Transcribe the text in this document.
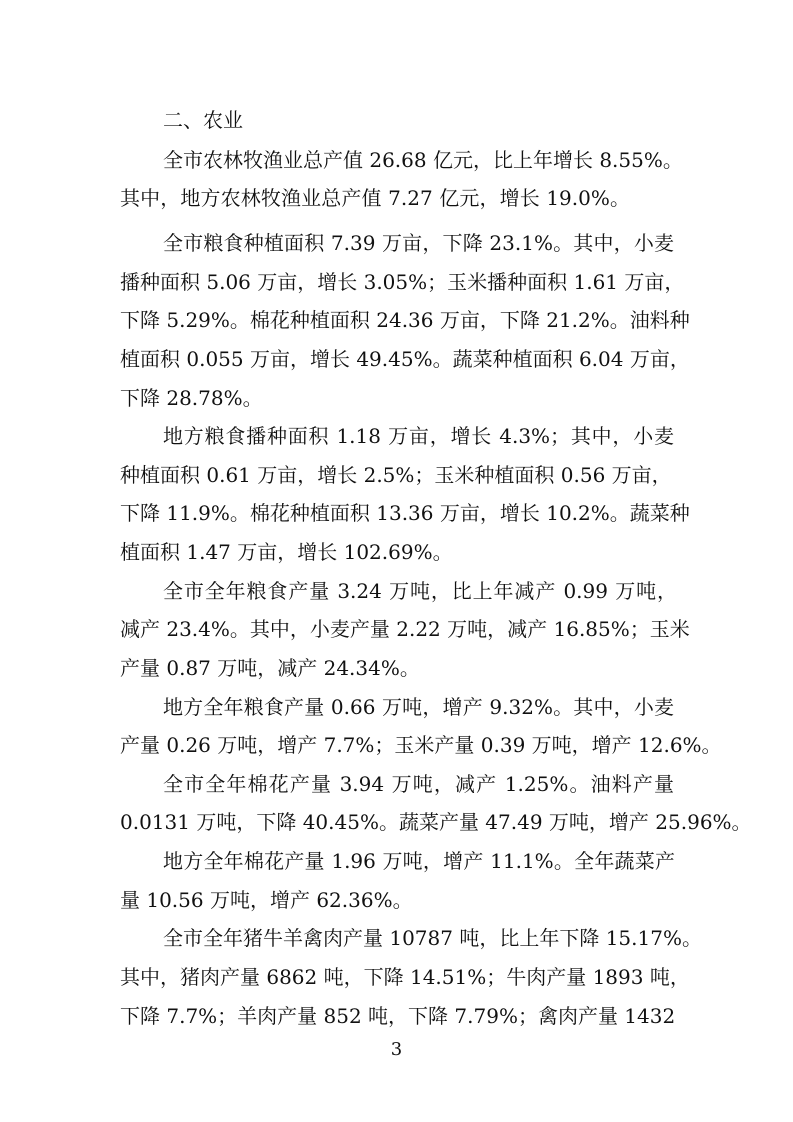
二、农业

全市农林牧渔业总产值 26.68 亿元，比上年增长 8.55%。

其中，地方农林牧渔业总产值 7.27 亿元，增长 19.0%。

全市粮食种植面积 7.39 万亩，下降 23.1%。其中，小麦

播种面积 5.06 万亩，增长 3.05%；玉米播种面积 1.61 万亩，

下降 5.29%。棉花种植面积 24.36 万亩，下降 21.2%。油料种

植面积 0.055 万亩，增长 49.45%。蔬菜种植面积 6.04 万亩，

下降 28.78%。

地方粮食播种面积 1.18 万亩，增长 4.3%；其中，小麦

种植面积 0.61 万亩，增长 2.5%；玉米种植面积 0.56 万亩，

下降 11.9%。棉花种植面积 13.36 万亩，增长 10.2%。蔬菜种

植面积 1.47 万亩，增长 102.69%。

全市全年粮食产量 3.24 万吨，比上年减产 0.99 万吨，

减产 23.4%。其中，小麦产量 2.22 万吨，减产 16.85%；玉米

产量 0.87 万吨，减产 24.34%。

地方全年粮食产量 0.66 万吨，增产 9.32%。其中，小麦

产量 0.26 万吨，增产 7.7%；玉米产量 0.39 万吨，增产 12.6%。

全市全年棉花产量 3.94 万吨，减产 1.25%。油料产量

0.0131 万吨，下降 40.45%。蔬菜产量 47.49 万吨，增产 25.96%。

地方全年棉花产量 1.96 万吨，增产 11.1%。全年蔬菜产

量 10.56 万吨，增产 62.36%。

全市全年猪牛羊禽肉产量 10787 吨，比上年下降 15.17%。

其中，猪肉产量 6862 吨，下降 14.51%；牛肉产量 1893 吨，

下降 7.7%；羊肉产量 852 吨，下降 7.79%；禽肉产量 1432

3
